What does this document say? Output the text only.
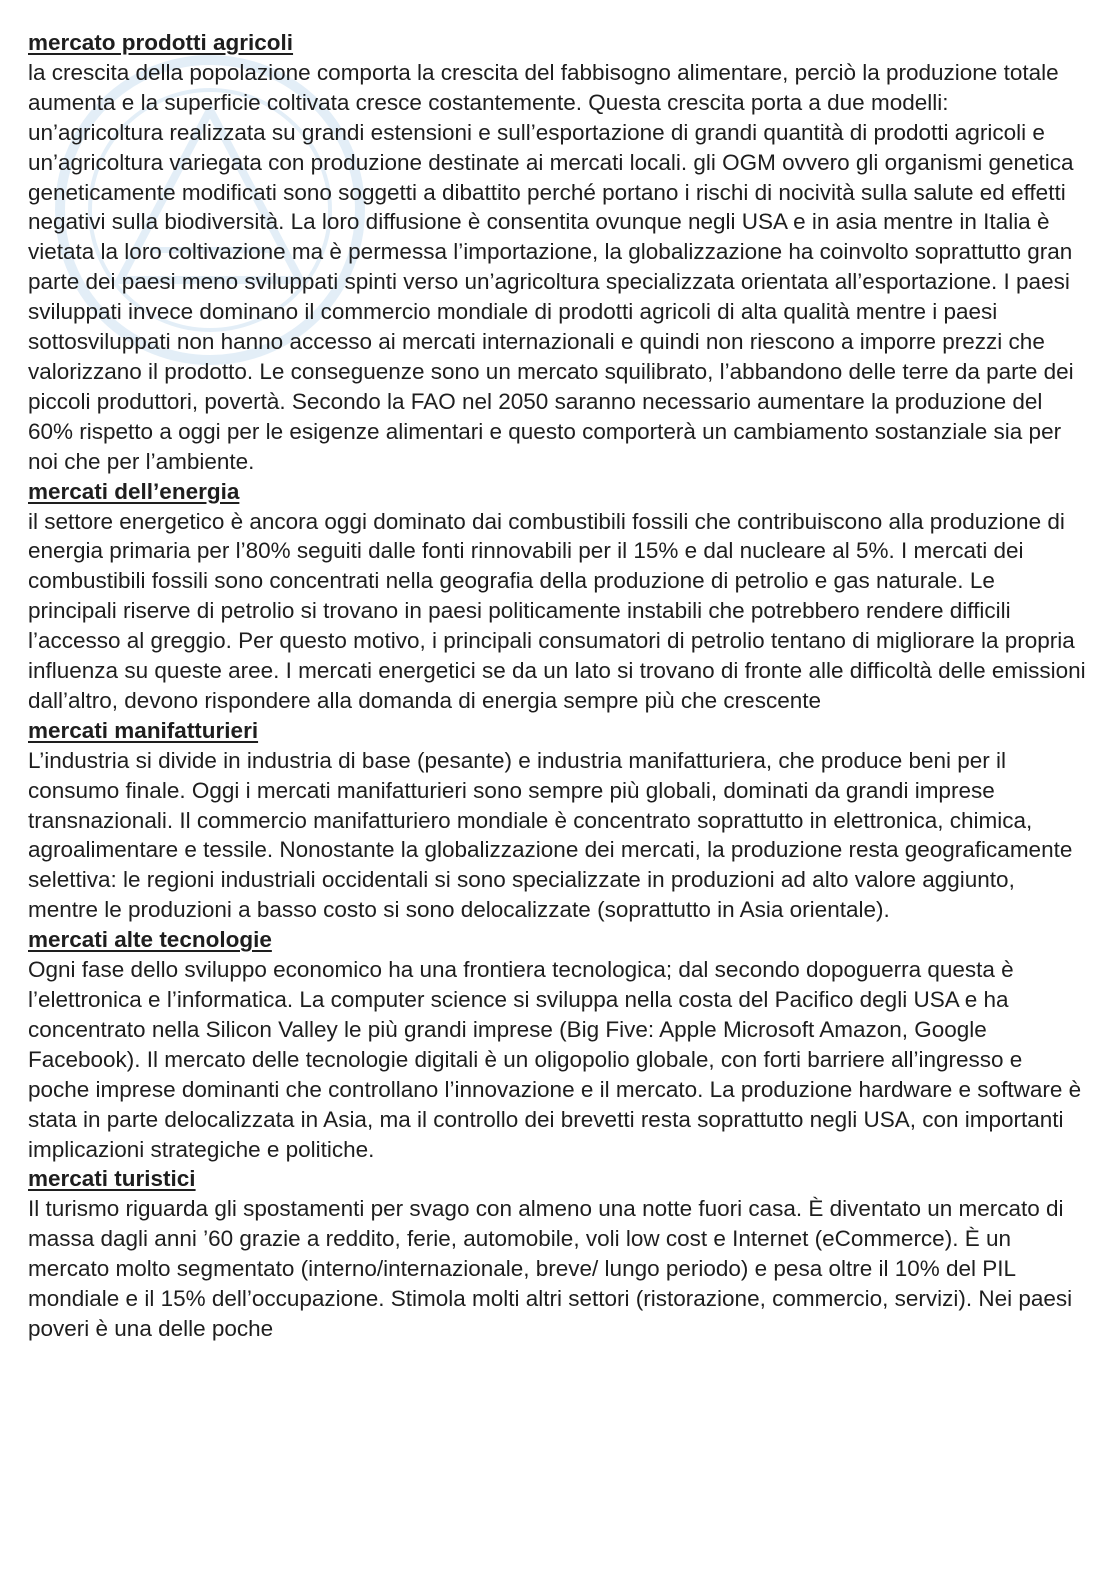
mercato prodotti agricoli

la crescita della popolazione comporta la crescita del fabbisogno alimentare, perciò la produzione totale aumenta e la superficie coltivata cresce costantemente. Questa crescita porta a due modelli: un’agricoltura realizzata su grandi estensioni e sull’esportazione di grandi quantità di prodotti agricoli e un’agricoltura variegata con produzione destinate ai mercati locali. gli OGM ovvero gli organismi genetica geneticamente modificati sono soggetti a dibattito perché portano i rischi di nocività sulla salute ed effetti negativi sulla biodiversità. La loro diffusione è consentita ovunque negli USA e in asia mentre in Italia è vietata la loro coltivazione ma è permessa l’importazione, la globalizzazione ha coinvolto soprattutto gran parte dei paesi meno sviluppati spinti verso un’agricoltura specializzata orientata all’esportazione. I paesi sviluppati invece dominano il commercio mondiale di prodotti agricoli di alta qualità mentre i paesi sottosviluppati non hanno accesso ai mercati internazionali e quindi non riescono a imporre prezzi che valorizzano il prodotto. Le conseguenze sono un mercato squilibrato, l’abbandono delle terre da parte dei piccoli produttori, povertà. Secondo la FAO nel 2050 saranno necessario aumentare la produzione del 60% rispetto a oggi per le esigenze alimentari e questo comporterà un cambiamento sostanziale sia per noi che per l’ambiente.

mercati dell’energia

il settore energetico è ancora oggi dominato dai combustibili fossili che contribuiscono alla produzione di energia primaria per l’80% seguiti dalle fonti rinnovabili per il 15% e dal nucleare al 5%. I mercati dei combustibili fossili sono concentrati nella geografia della produzione di petrolio e gas naturale. Le principali riserve di petrolio si trovano in paesi politicamente instabili che potrebbero rendere difficili l’accesso al greggio. Per questo motivo, i principali consumatori di petrolio tentano di migliorare la propria influenza su queste aree. I mercati energetici se da un lato si trovano di fronte alle difficoltà delle emissioni dall’altro, devono rispondere alla domanda di energia sempre più che crescente

mercati manifatturieri

L’industria si divide in industria di base (pesante) e industria manifatturiera, che produce beni per il consumo finale. Oggi i mercati manifatturieri sono sempre più globali, dominati da grandi imprese transnazionali. Il commercio manifatturiero mondiale è concentrato soprattutto in elettronica, chimica, agroalimentare e tessile. Nonostante la globalizzazione dei mercati, la produzione resta geograficamente selettiva: le regioni industriali occidentali si sono specializzate in produzioni ad alto valore aggiunto, mentre le produzioni a basso costo si sono delocalizzate (soprattutto in Asia orientale).

mercati alte tecnologie

Ogni fase dello sviluppo economico ha una frontiera tecnologica; dal secondo dopoguerra questa è l’elettronica e l’informatica. La computer science si sviluppa nella costa del Pacifico degli USA e ha concentrato nella Silicon Valley le più grandi imprese (Big Five: Apple Microsoft Amazon, Google Facebook). Il mercato delle tecnologie digitali è un oligopolio globale, con forti barriere all’ingresso e poche imprese dominanti che controllano l’innovazione e il mercato. La produzione hardware e software è stata in parte delocalizzata in Asia, ma il controllo dei brevetti resta soprattutto negli USA, con importanti implicazioni strategiche e politiche.

mercati turistici

Il turismo riguarda gli spostamenti per svago con almeno una notte fuori casa. È diventato un mercato di massa dagli anni ’60 grazie a reddito, ferie, automobile, voli low cost e Internet (eCommerce). È un mercato molto segmentato (interno/internazionale, breve/ lungo periodo) e pesa oltre il 10% del PIL mondiale e il 15% dell’occupazione. Stimola molti altri settori (ristorazione, commercio, servizi). Nei paesi poveri è una delle poche
